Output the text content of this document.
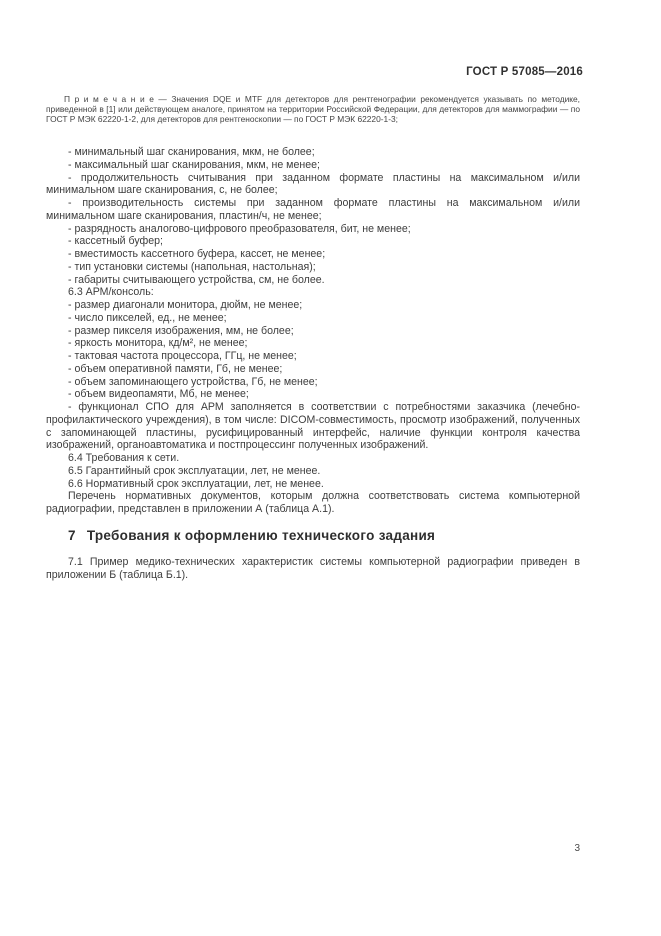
ГОСТ Р 57085—2016

П р и м е ч а н и е — Значения DQE и MTF для детекторов для рентгенографии рекомендуется указывать по методике, приведенной в [1] или действующем аналоге, принятом на территории Российской Федерации, для детекторов для маммографии — по ГОСТ Р МЭК 62220-1-2, для детекторов для рентгеноскопии — по ГОСТ Р МЭК 62220-1-3;

- минимальный шаг сканирования, мкм, не более;

- максимальный шаг сканирования, мкм, не менее;

- продолжительность считывания при заданном формате пластины на максимальном и/или минимальном шаге сканирования, с, не более;

- производительность системы при заданном формате пластины на максимальном и/или минимальном шаге сканирования, пластин/ч, не менее;

- разрядность аналогово-цифрового преобразователя, бит, не менее;

- кассетный буфер;

- вместимость кассетного буфера, кассет, не менее;

- тип установки системы (напольная, настольная);

- габариты считывающего устройства, см, не более.

6.3 АРМ/консоль:

- размер диагонали монитора, дюйм, не менее;

- число пикселей, ед., не менее;

- размер пикселя изображения, мм, не более;

- яркость монитора, кд/м², не менее;

- тактовая частота процессора, ГГц, не менее;

- объем оперативной памяти, Гб, не менее;

- объем запоминающего устройства, Гб, не менее;

- объем видеопамяти, Мб, не менее;

- функционал СПО для АРМ заполняется в соответствии с потребностями заказчика (лечебно-профилактического учреждения), в том числе: DICOM-совместимость, просмотр изображений, полученных с запоминающей пластины, русифицированный интерфейс, наличие функции контроля качества изображений, органоавтоматика и постпроцессинг полученных изображений.

6.4 Требования к сети.

6.5 Гарантийный срок эксплуатации, лет, не менее.

6.6 Нормативный срок эксплуатации, лет, не менее.

Перечень нормативных документов, которым должна соответствовать система компьютерной радиографии, представлен в приложении А (таблица А.1).

7 Требования к оформлению технического задания

7.1 Пример медико-технических характеристик системы компьютерной радиографии приведен в приложении Б (таблица Б.1).

3
